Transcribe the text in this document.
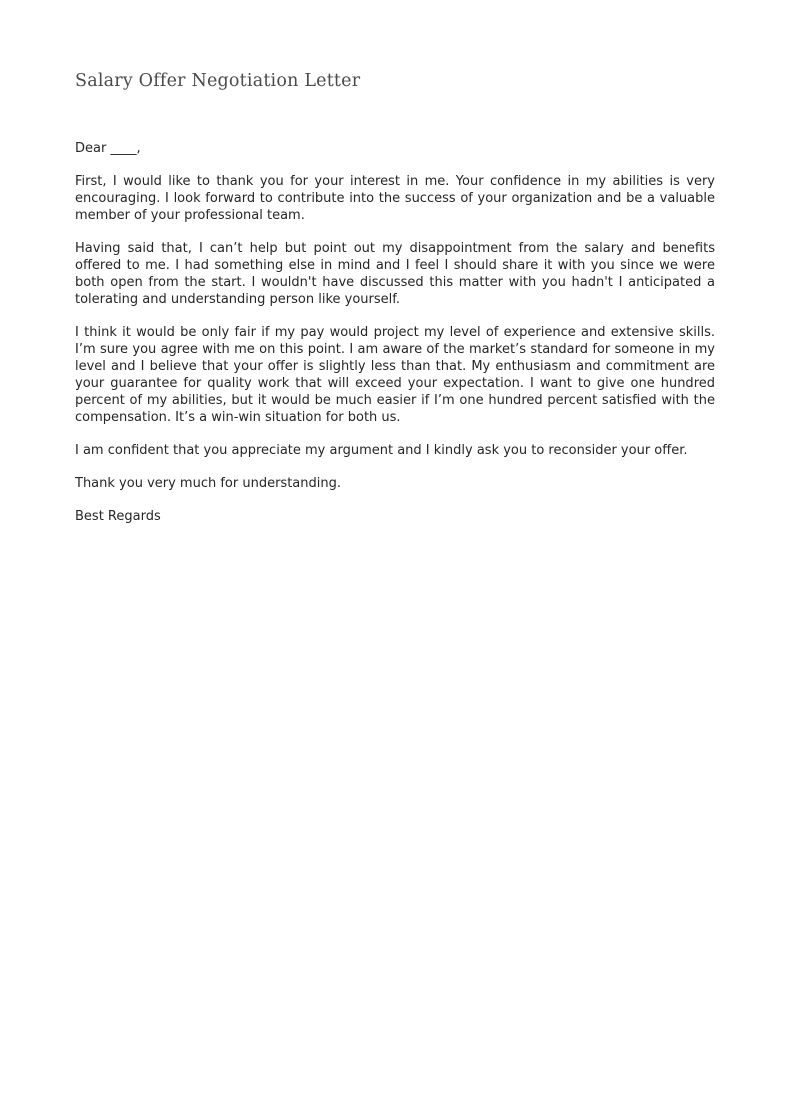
Salary Offer Negotiation Letter

Dear ____,

First, I would like to thank you for your interest in me. Your confidence in my abilities is very encouraging. I look forward to contribute into the success of your organization and be a valuable member of your professional team.

Having said that, I can’t help but point out my disappointment from the salary and benefits offered to me. I had something else in mind and I feel I should share it with you since we were both open from the start. I wouldn't have discussed this matter with you hadn't I anticipated a tolerating and understanding person like yourself.

I think it would be only fair if my pay would project my level of experience and extensive skills. I’m sure you agree with me on this point. I am aware of the market’s standard for someone in my level and I believe that your offer is slightly less than that. My enthusiasm and commitment are your guarantee for quality work that will exceed your expectation. I want to give one hundred percent of my abilities, but it would be much easier if I’m one hundred percent satisfied with the compensation. It’s a win-win situation for both us.

I am confident that you appreciate my argument and I kindly ask you to reconsider your offer.

Thank you very much for understanding.

Best Regards
